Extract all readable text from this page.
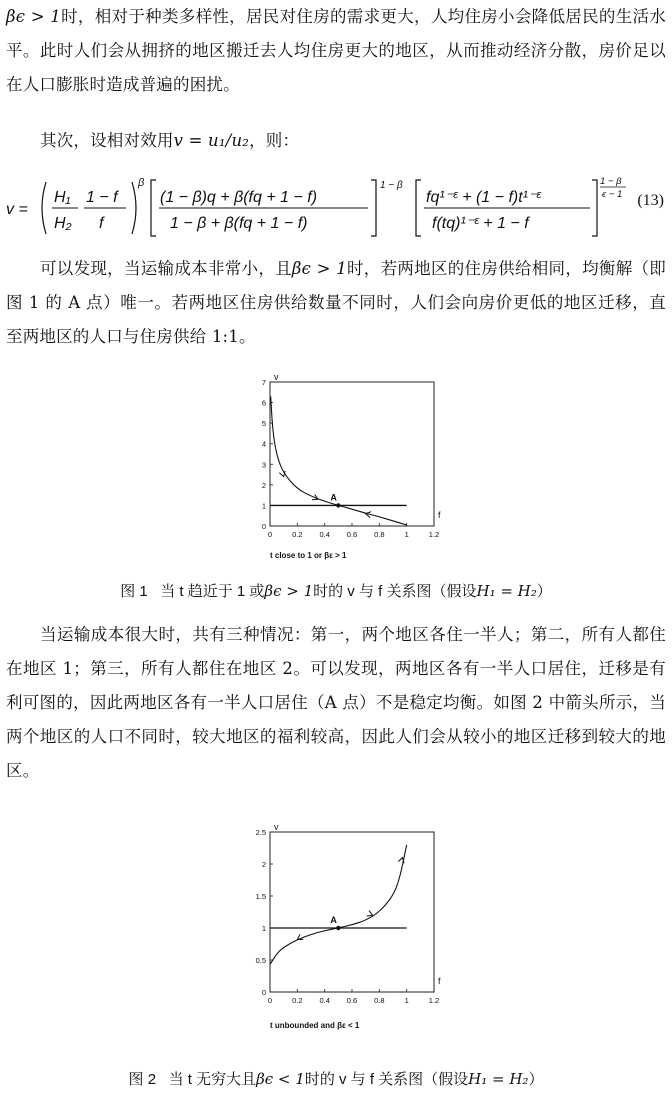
βϵ > 1时，相对于种类多样性，居民对住房的需求更大，人均住房小会降低居民的生活水平。此时人们会从拥挤的地区搬迁去人均住房更大的地区，从而推动经济分散，房价足以在人口膨胀时造成普遍的困扰。

其次，设相对效用v = u₁/u₂，则：

v =
H₁
H₂
1 − f
f
β
(1 − β)q + β(fq + 1 − f)
1 − β + β(fq + 1 − f)
1 − β
fq¹⁻ᵋ + (1 − f)t¹⁻ᵋ
f(tq)¹⁻ᵋ + 1 − f
1 − β
ϵ − 1 (13)

可以发现，当运输成本非常小，且βϵ > 1时，若两地区的住房供给相同，均衡解（即图 1 的 A 点）唯一。若两地区住房供给数量不同时，人们会向房价更低的地区迁移，直至两地区的人口与住房供给 1:1。

0	0.2 0.4 0.6 0.8	1	1.2
0
1
2
3
4
5
6
7
f
v
A
t close to 1 or βε > 1
图 1 当 t 趋近于 1 或βϵ > 1时的 v 与 f 关系图（假设H₁ = H₂）

当运输成本很大时，共有三种情况：第一，两个地区各住一半人；第二，所有人都住在地区 1；第三，所有人都住在地区 2。可以发现，两地区各有一半人口居住，迁移是有利可图的，因此两地区各有一半人口居住（A 点）不是稳定均衡。如图 2 中箭头所示，当两个地区的人口不同时，较大地区的福利较高，因此人们会从较小的地区迁移到较大的地区。

0	0.2 0.4 0.6 0.8	1	1.2
0
0.5
1
1.5
2
2.5
f
v
A
t unbounded and βε < 1
图 2 当 t 无穷大且βϵ < 1时的 v 与 f 关系图（假设H₁ = H₂）
